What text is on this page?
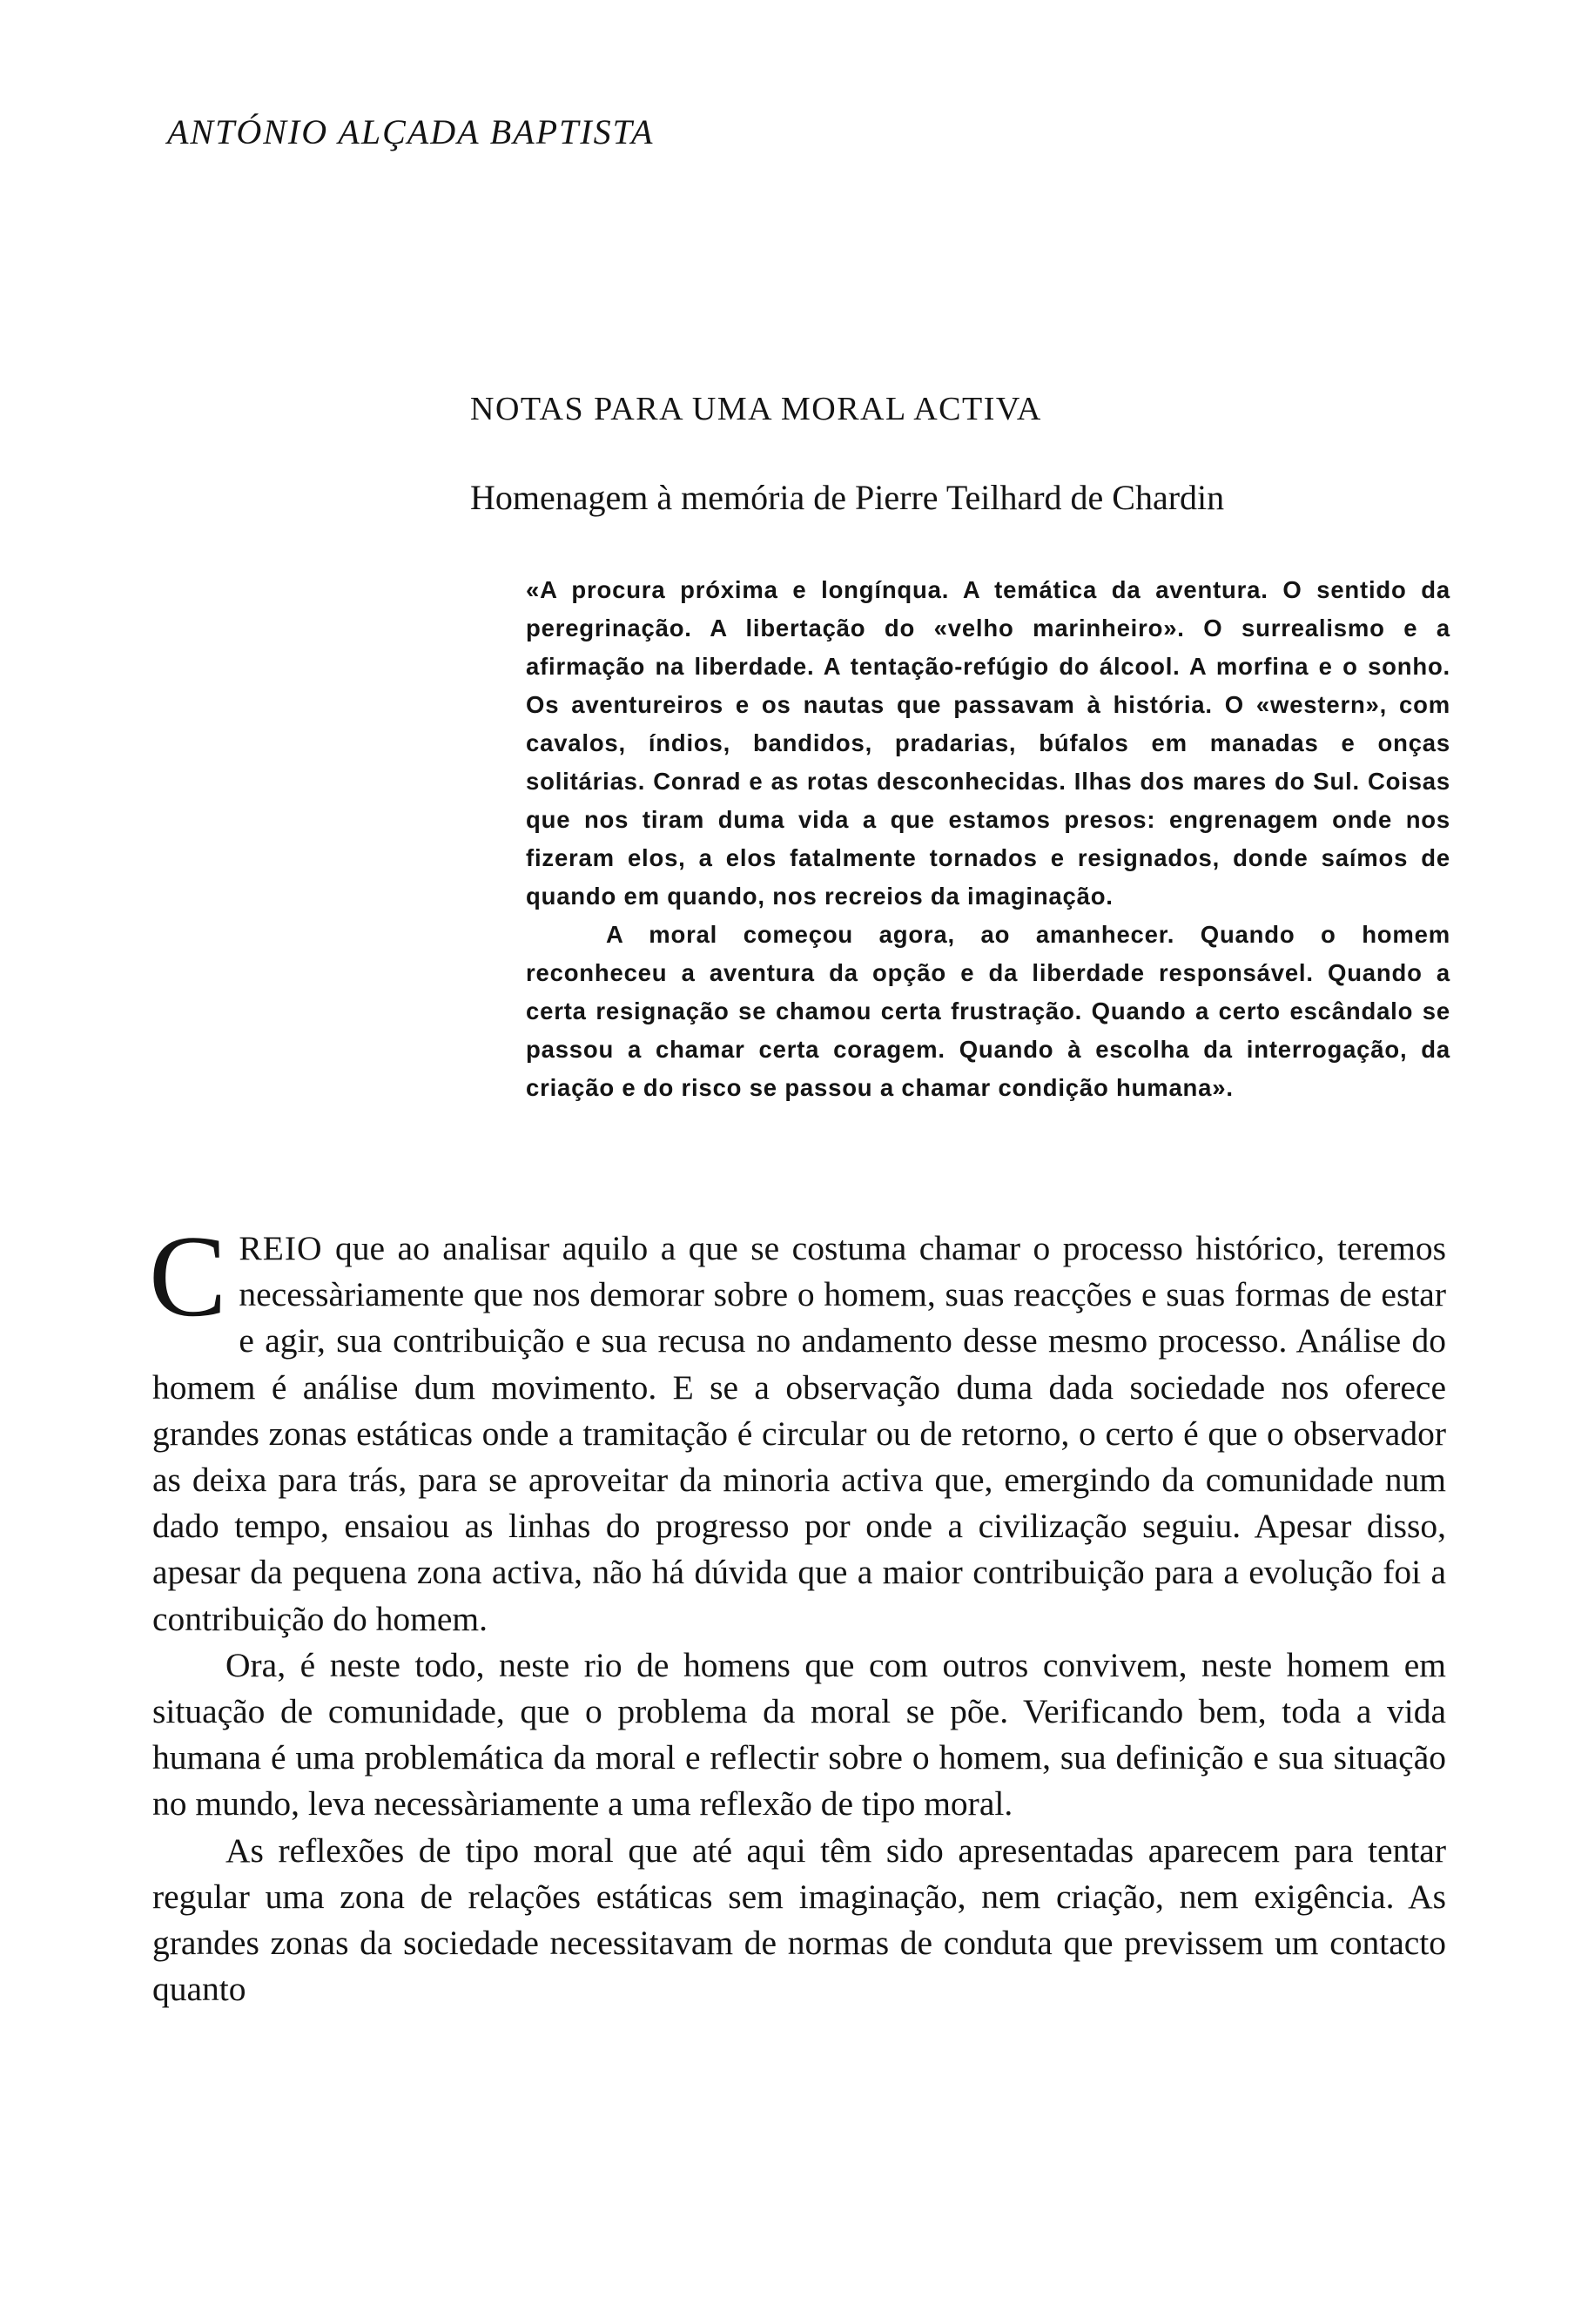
ANTÓNIO ALÇADA BAPTISTA
NOTAS PARA UMA MORAL ACTIVA
Homenagem à memória de Pierre Teilhard de Chardin

«A procura próxima e longínqua. A temática da aventura. O sentido da peregrinação. A libertação do «velho marinheiro». O surrealismo e a afirmação na liberdade. A tentação-refúgio do álcool. A morfina e o sonho. Os aventureiros e os nautas que passavam à história. O «western», com cavalos, índios, bandidos, pradarias, búfalos em manadas e onças solitárias. Conrad e as rotas desconhecidas. Ilhas dos mares do Sul. Coisas que nos tiram duma vida a que estamos presos: engrenagem onde nos fizeram elos, a elos fatalmente tornados e resignados, donde saímos de quando em quando, nos recreios da imaginação.

A moral começou agora, ao amanhecer. Quando o homem reconheceu a aventura da opção e da liberdade responsável. Quando a certa resignação se chamou certa frustração. Quando a certo escândalo se passou a chamar certa coragem. Quando à escolha da interrogação, da criação e do risco se passou a chamar condição humana».

CREIO que ao analisar aquilo a que se costuma chamar o processo histórico, teremos necessàriamente que nos demorar sobre o homem, suas reacções e suas formas de estar e agir, sua contribuição e sua recusa no andamento desse mesmo processo. Análise do homem é análise dum movimento. E se a observação duma dada sociedade nos oferece grandes zonas estáticas onde a tramitação é circular ou de retorno, o certo é que o observador as deixa para trás, para se aproveitar da minoria activa que, emergindo da comunidade num dado tempo, ensaiou as linhas do progresso por onde a civilização seguiu. Apesar disso, apesar da pequena zona activa, não há dúvida que a maior contribuição para a evolução foi a contribuição do homem.

Ora, é neste todo, neste rio de homens que com outros convivem, neste homem em situação de comunidade, que o problema da moral se põe. Verificando bem, toda a vida humana é uma problemática da moral e reflectir sobre o homem, sua definição e sua situação no mundo, leva necessàriamente a uma reflexão de tipo moral.

As reflexões de tipo moral que até aqui têm sido apresentadas aparecem para tentar regular uma zona de relações estáticas sem imaginação, nem criação, nem exigência. As grandes zonas da sociedade necessitavam de normas de conduta que previssem um contacto quanto
